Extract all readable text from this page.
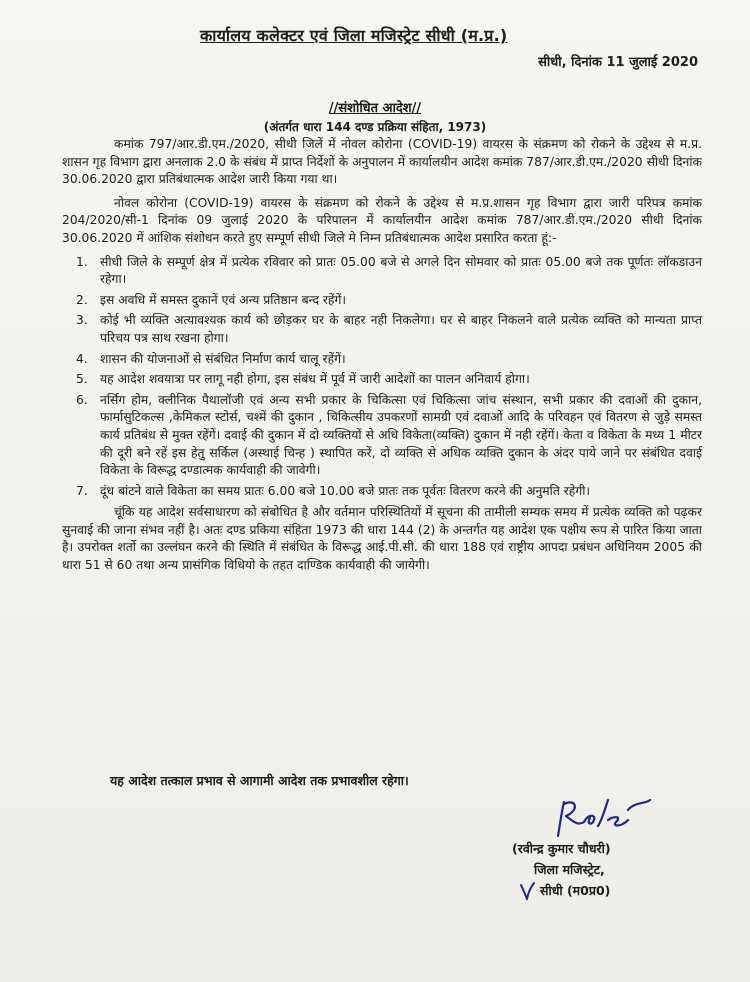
कार्यालय कलेक्टर एवं जिला मजिस्ट्रेट सीधी (म.प्र.)
सीधी, दिनांक 11 जुलाई 2020
//संशोधित आदेश//
(अंतर्गत धारा 144 दण्ड प्रक्रिया संहिता, 1973)

कमांक 797/आर.डी.एम./2020, सीधी जिलें में नोवल कोरोना (COVID-19) वायरस के संक्रमण को रोकने के उद्देश्य से म.प्र. शासन गृह विभाग द्वारा अनलाक 2.0 के संबंध में प्राप्त निर्देशों के अनुपालन में कार्यालयीन आदेश कमांक 787/आर.डी.एम./2020 सीधी दिनांक 30.06.2020 द्वारा प्रतिबंधात्मक आदेश जारी किया गया था।

नोवल कोरोना (COVID-19) वायरस के संक्रमण को रोकने के उद्देश्य से म.प्र.शासन गृह विभाग द्वारा जारी परिपत्र कमांक 204/2020/सी-1 दिनांक 09 जुलाई 2020 के परिपालन में कार्यालयीन आदेश कमांक 787/आर.डी.एम./2020 सीधी दिनांक 30.06.2020 में आंशिक संशोधन करते हुए सम्पूर्ण सीधी जिले मे निम्न प्रतिबंधात्मक आदेश प्रसारित करता हूं:-

1. सीधी जिले के सम्पूर्ण क्षेत्र में प्रत्येक रविवार को प्रातः 05.00 बजे से अगले दिन सोमवार को प्रातः 05.00 बजे तक पूर्णतः लॉकडाउन रहेगा।
2. इस अवधि में समस्त दुकानें एवं अन्य प्रतिष्ठान बन्द रहेंगें।
3. कोई भी व्यक्ति अत्यावश्यक कार्य को छोड़कर घर के बाहर नही निकलेगा। घर से बाहर निकलने वाले प्रत्येक व्यक्ति को मान्यता प्राप्त परिचय पत्र साथ रखना होगा।
4. शासन की योजनाओं से संबंधित निर्माण कार्य चालू रहेंगें।
5. यह आदेश शवयात्रा पर लागू नही होगा, इस संबंध में पूर्व में जारी आदेशों का पालन अनिवार्य होगा।
6. नर्सिग होम, क्लीनिक पैथालॉजी एवं अन्य सभी प्रकार के चिकित्सा एवं चिकित्सा जांच संस्थान, सभी प्रकार की दवाओं की दुकान, फार्मासुटिकल्स ,केमिकल स्टोर्स, चश्में की दुकान , चिकित्सीय उपकरणों सामग्री एवं दवाओं आदि के परिवहन एवं वितरण से जुड़े समस्त कार्य प्रतिबंध से मुक्त रहेंगें। दवाई की दुकान में दो व्यक्तियों से अधि विकेता(व्यक्ति) दुकान में नही रहेंगें। केता व विकेता के मध्य 1 मीटर की दूरी बने रहें इस हेतु सर्किल (अस्थाई चिन्ह ) स्थापित करें, दो व्यक्ति से अधिक व्यक्ति दुकान के अंदर पाये जाने पर संबंधित दवाई विकेता के विरूद्ध दण्डात्मक कार्यवाही की जावेगी।
7. दूंध बांटने वाले विकेता का समय प्रातः 6.00 बजे 10.00 बजे प्रातः तक पूर्वतः वितरण करने की अनुमति रहेगी।

चूंकि यह आदेश सर्वसाधारण को संबोधित है और वर्तमान परिस्थितियों में सूचना की तामीली सम्यक समय में प्रत्येक व्यक्ति को पढ़कर सुनवाई की जाना संभव नहीं है। अतः दण्ड प्रकिया संहिता 1973 की धारा 144 (2) के अन्तर्गत यह आदेश एक पक्षीय रूप से पारित किया जाता है। उपरोक्त शर्तो का उल्लंघन करने की स्थिति में संबंधित के विरूद्ध आई.पी.सी. की धारा 188 एवं राष्ट्रीय आपदा प्रबंधन अधिनियम 2005 की धारा 51 से 60 तथा अन्य प्रासंगिक विधियो के तहत दाण्डिक कार्यवाही की जायेगी।

यह आदेश तत्काल प्रभाव से आगामी आदेश तक प्रभावशील रहेगा।
(रवीन्द्र कुमार चौधरी)
जिला मजिस्ट्रेट,
सीधी (म0प्र0)
